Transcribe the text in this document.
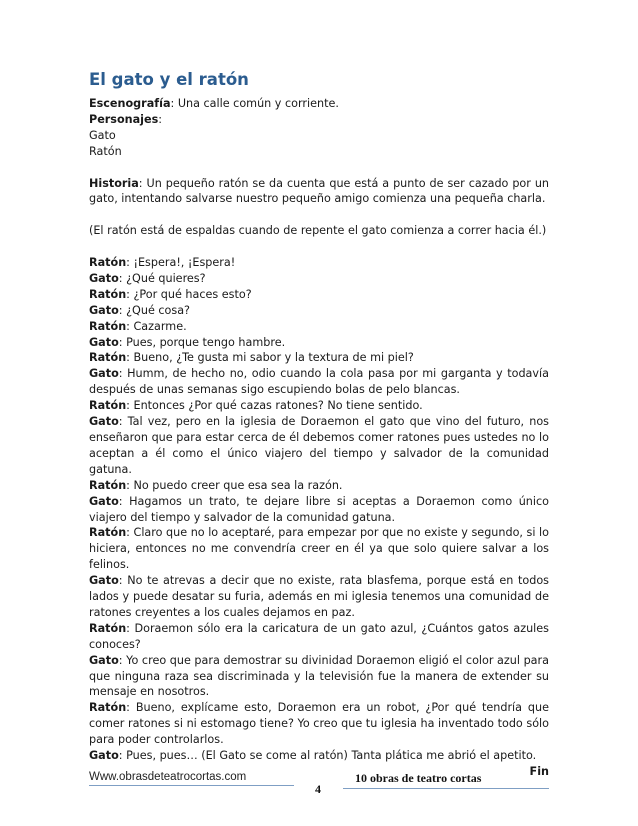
El gato y el ratón

Escenografía: Una calle común y corriente.

Personajes:

Gato

Ratón

Historia: Un pequeño ratón se da cuenta que está a punto de ser cazado por un gato, intentando salvarse nuestro pequeño amigo comienza una pequeña charla.

(El ratón está de espaldas cuando de repente el gato comienza a correr hacia él.)

Ratón: ¡Espera!, ¡Espera!

Gato: ¿Qué quieres?

Ratón: ¿Por qué haces esto?

Gato: ¿Qué cosa?

Ratón: Cazarme.

Gato: Pues, porque tengo hambre.

Ratón: Bueno, ¿Te gusta mi sabor y la textura de mi piel?

Gato: Humm, de hecho no, odio cuando la cola pasa por mi garganta y todavía después de unas semanas sigo escupiendo bolas de pelo blancas.

Ratón: Entonces ¿Por qué cazas ratones? No tiene sentido.

Gato: Tal vez, pero en la iglesia de Doraemon el gato que vino del futuro, nos enseñaron que para estar cerca de él debemos comer ratones pues ustedes no lo aceptan a él como el único viajero del tiempo y salvador de la comunidad gatuna.

Ratón: No puedo creer que esa sea la razón.

Gato: Hagamos un trato, te dejare libre si aceptas a Doraemon como único viajero del tiempo y salvador de la comunidad gatuna.

Ratón: Claro que no lo aceptaré, para empezar por que no existe y segundo, si lo hiciera, entonces no me convendría creer en él ya que solo quiere salvar a los felinos.

Gato: No te atrevas a decir que no existe, rata blasfema, porque está en todos lados y puede desatar su furia, además en mi iglesia tenemos una comunidad de ratones creyentes a los cuales dejamos en paz.

Ratón: Doraemon sólo era la caricatura de un gato azul, ¿Cuántos gatos azules conoces?

Gato: Yo creo que para demostrar su divinidad Doraemon eligió el color azul para que ninguna raza sea discriminada y la televisión fue la manera de extender su mensaje en nosotros.

Ratón: Bueno, explícame esto, Doraemon era un robot, ¿Por qué tendría que comer ratones si ni estomago tiene? Yo creo que tu iglesia ha inventado todo sólo para poder controlarlos.

Gato: Pues, pues… (El Gato se come al ratón) Tanta plática me abrió el apetito.

Fin

Www.obrasdeteatrocortas.com
4
10 obras de teatro cortas
